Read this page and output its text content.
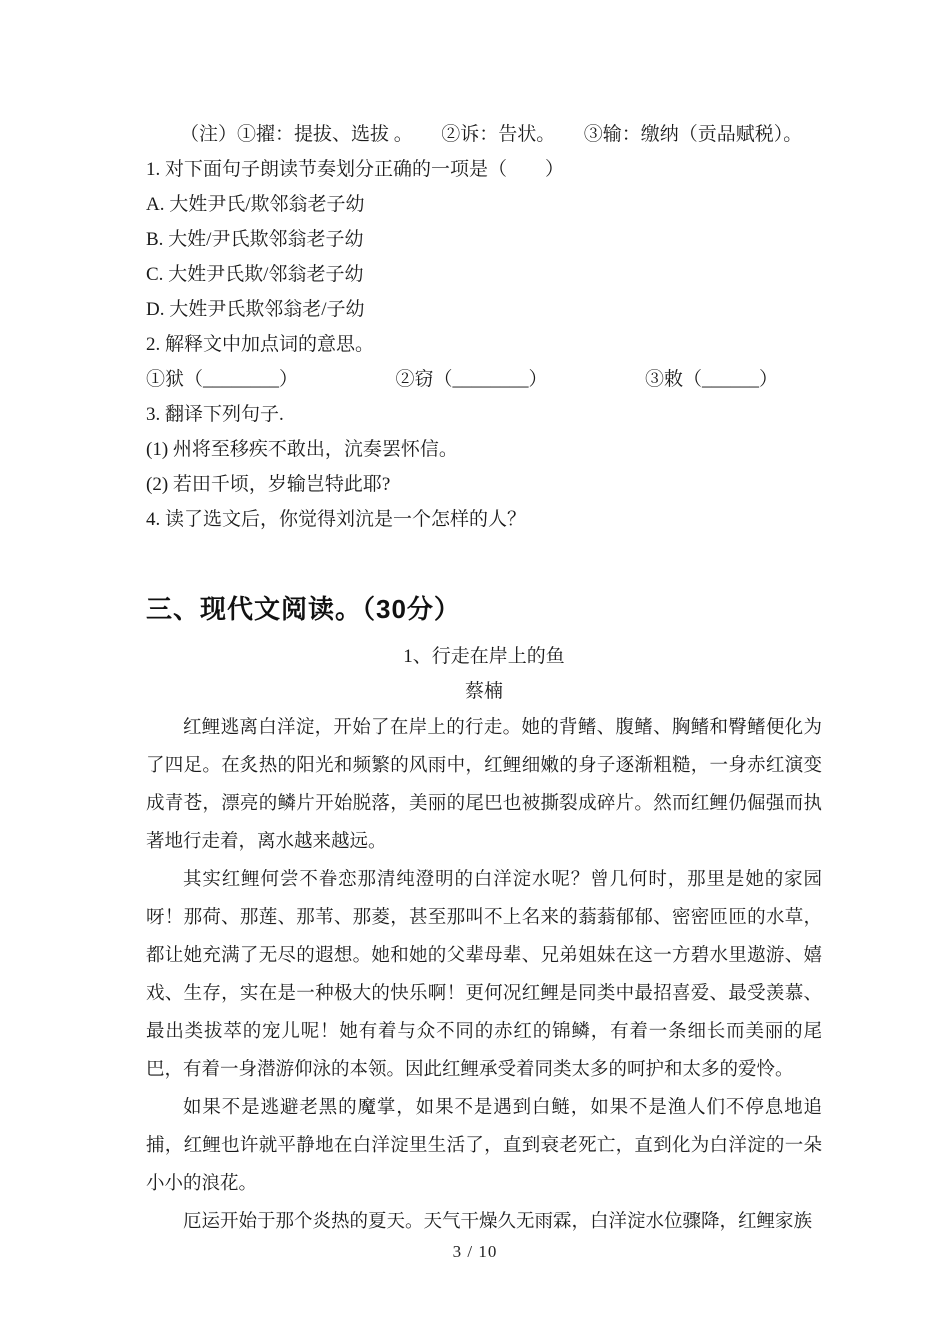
（注）①擢：提拔、选拔 。　　②诉：告状。　　③输：缴纳（贡品赋税）。

1. 对下面句子朗读节奏划分正确的一项是（　　）

A. 大姓尹氏/欺邻翁老子幼

B. 大姓/尹氏欺邻翁老子幼

C. 大姓尹氏欺/邻翁老子幼

D. 大姓尹氏欺邻翁老/子幼

2. 解释文中加点词的意思。

①狱（________）	②窃（________）	③敕（______）

3. 翻译下列句子.

(1) 州将至移疾不敢出，沆奏罢怀信。

(2) 若田千顷，岁输岂特此耶?

4. 读了选文后，你觉得刘沆是一个怎样的人？

三、现代文阅读。（30分）

1、行走在岸上的鱼

蔡楠

红鲤逃离白洋淀，开始了在岸上的行走。她的背鳍、腹鳍、胸鳍和臀鳍便化为了四足。在炙热的阳光和频繁的风雨中，红鲤细嫩的身子逐渐粗糙，一身赤红演变成青苍，漂亮的鳞片开始脱落，美丽的尾巴也被撕裂成碎片。然而红鲤仍倔强而执著地行走着，离水越来越远。

其实红鲤何尝不眷恋那清纯澄明的白洋淀水呢？曾几何时，那里是她的家园呀！那荷、那莲、那苇、那菱，甚至那叫不上名来的蓊蓊郁郁、密密匝匝的水草，都让她充满了无尽的遐想。她和她的父辈母辈、兄弟姐妹在这一方碧水里遨游、嬉戏、生存，实在是一种极大的快乐啊！更何况红鲤是同类中最招喜爱、最受羡慕、最出类拔萃的宠儿呢！她有着与众不同的赤红的锦鳞，有着一条细长而美丽的尾巴，有着一身潜游仰泳的本领。因此红鲤承受着同类太多的呵护和太多的爱怜。

如果不是逃避老黑的魔掌，如果不是遇到白鲢，如果不是渔人们不停息地追捕，红鲤也许就平静地在白洋淀里生活了，直到衰老死亡，直到化为白洋淀的一朵小小的浪花。

厄运开始于那个炎热的夏天。天气干燥久无雨霖，白洋淀水位骤降，红鲤家族

3 / 10
